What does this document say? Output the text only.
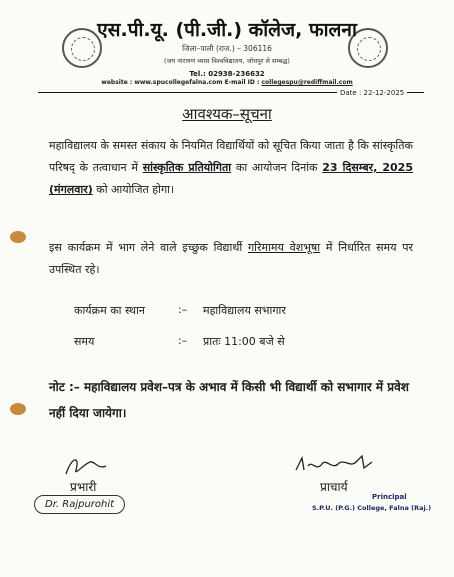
एस.पी.यू. (पी.जी.) कॉलेज, फालना
जिला–पाली (राज.) – 306116
(जय नारायण व्यास विश्वविद्यालय, जोधपुर से सम्बद्ध)
Tel.: 02938-236632
website : www.spucollegefalna.com E-mail ID : collegespu@rediffmail.com
Date : 22-12-2025
आवश्यक–सूचना
महाविद्यालय के समस्त संकाय के नियमित विद्यार्थियों को सूचित किया जाता है कि सांस्कृतिक परिषद् के तत्वाधान में सांस्कृतिक प्रतियोगिता का आयोजन दिनांक 23 दिसम्बर, 2025 (मंगलवार) को आयोजित होगा।
इस कार्यक्रम में भाग लेने वाले इच्छुक विद्यार्थी गरिमामय वेशभूषा में निर्धारित समय पर उपस्थित रहे।
कार्यक्रम का स्थान	:– महाविद्यालय सभागार
समय	:– प्रातः 11:00 बजे से
नोट :– महाविद्यालय प्रवेश–पत्र के अभाव में किसी भी विद्यार्थी को सभागार में प्रवेश नहीं दिया जायेगा।
प्रभारी
Dr. Rajpurohit
प्राचार्य
Principal
S.P.U. (P.G.) College, Falna (Raj.)
